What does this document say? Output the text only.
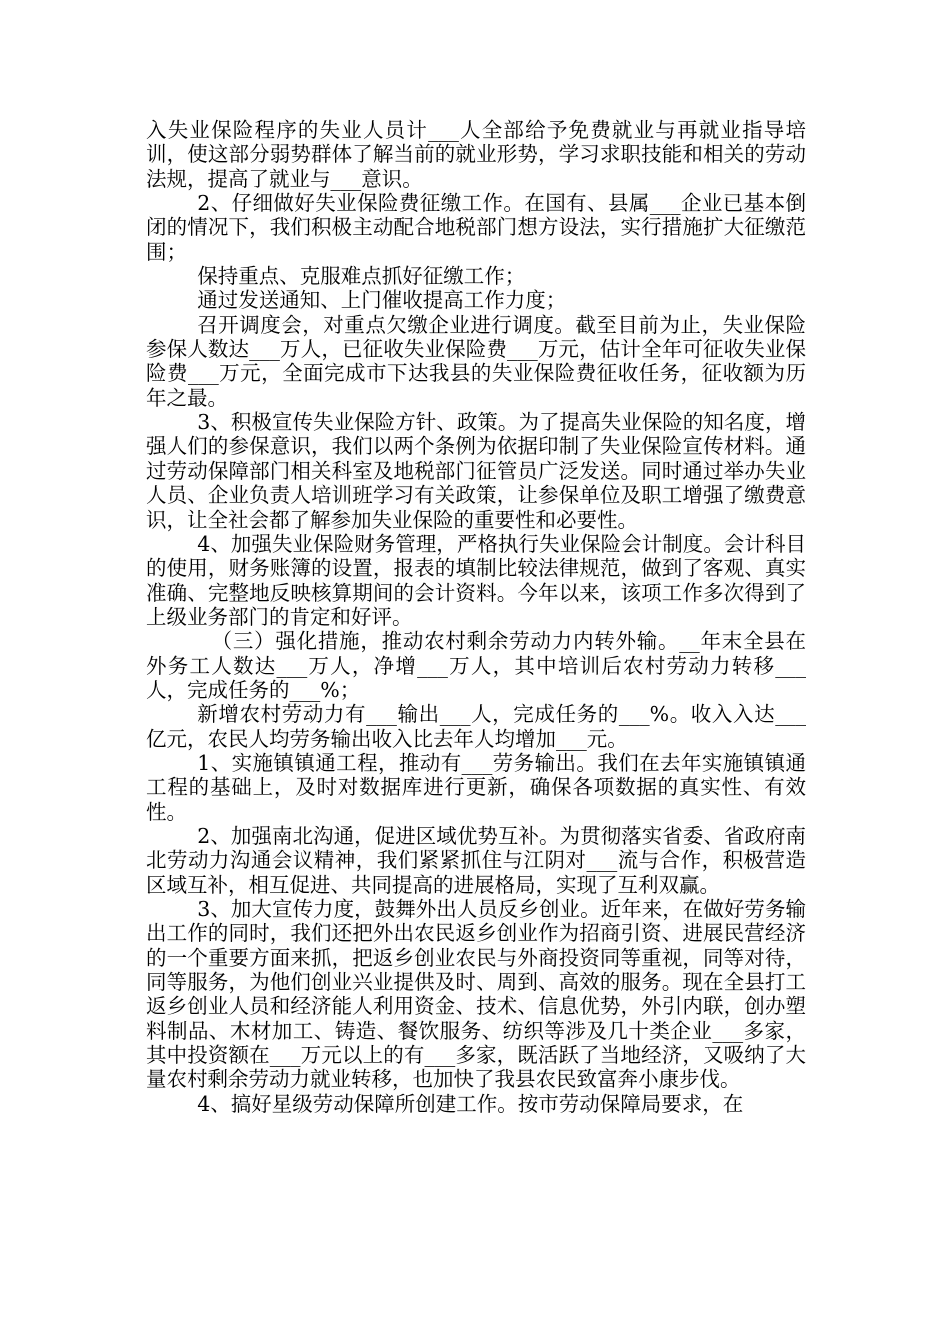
入失业保险程序的失业人员计___人全部给予免费就业与再就业指导培训，使这部分弱势群体了解当前的就业形势，学习求职技能和相关的劳动法规，提高了就业与___意识。

2、仔细做好失业保险费征缴工作。在国有、县属___企业已基本倒闭的情况下，我们积极主动配合地税部门想方设法，实行措施扩大征缴范围；

保持重点、克服难点抓好征缴工作；

通过发送通知、上门催收提高工作力度；

召开调度会，对重点欠缴企业进行调度。截至目前为止，失业保险参保人数达___万人，已征收失业保险费___万元，估计全年可征收失业保险费___万元，全面完成市下达我县的失业保险费征收任务，征收额为历年之最。

3、积极宣传失业保险方针、政策。为了提高失业保险的知名度，增强人们的参保意识，我们以两个条例为依据印制了失业保险宣传材料。通过劳动保障部门相关科室及地税部门征管员广泛发送。同时通过举办失业人员、企业负责人培训班学习有关政策，让参保单位及职工增强了缴费意识，让全社会都了解参加失业保险的重要性和必要性。

4、加强失业保险财务管理，严格执行失业保险会计制度。会计科目的使用，财务账簿的设置，报表的填制比较法律规范，做到了客观、真实准确、完整地反映核算期间的会计资料。今年以来，该项工作多次得到了上级业务部门的肯定和好评。

（三）强化措施，推动农村剩余劳动力内转外输。__年末全县在外务工人数达___万人，净增___万人，其中培训后农村劳动力转移___人，完成任务的___%；

新增农村劳动力有___输出___人，完成任务的___%。收入入达___亿元，农民人均劳务输出收入比去年人均增加___元。

1、实施镇镇通工程，推动有___劳务输出。我们在去年实施镇镇通工程的基础上，及时对数据库进行更新，确保各项数据的真实性、有效性。

2、加强南北沟通，促进区域优势互补。为贯彻落实省委、省政府南北劳动力沟通会议精神，我们紧紧抓住与江阴对___流与合作，积极营造区域互补，相互促进、共同提高的进展格局，实现了互利双赢。

3、加大宣传力度，鼓舞外出人员反乡创业。近年来，在做好劳务输出工作的同时，我们还把外出农民返乡创业作为招商引资、进展民营经济的一个重要方面来抓，把返乡创业农民与外商投资同等重视，同等对待，同等服务，为他们创业兴业提供及时、周到、高效的服务。现在全县打工返乡创业人员和经济能人利用资金、技术、信息优势，外引内联，创办塑料制品、木材加工、铸造、餐饮服务、纺织等涉及几十类企业___多家，其中投资额在___万元以上的有___多家，既活跃了当地经济，又吸纳了大量农村剩余劳动力就业转移，也加快了我县农民致富奔小康步伐。

4、搞好星级劳动保障所创建工作。按市劳动保障局要求，在
